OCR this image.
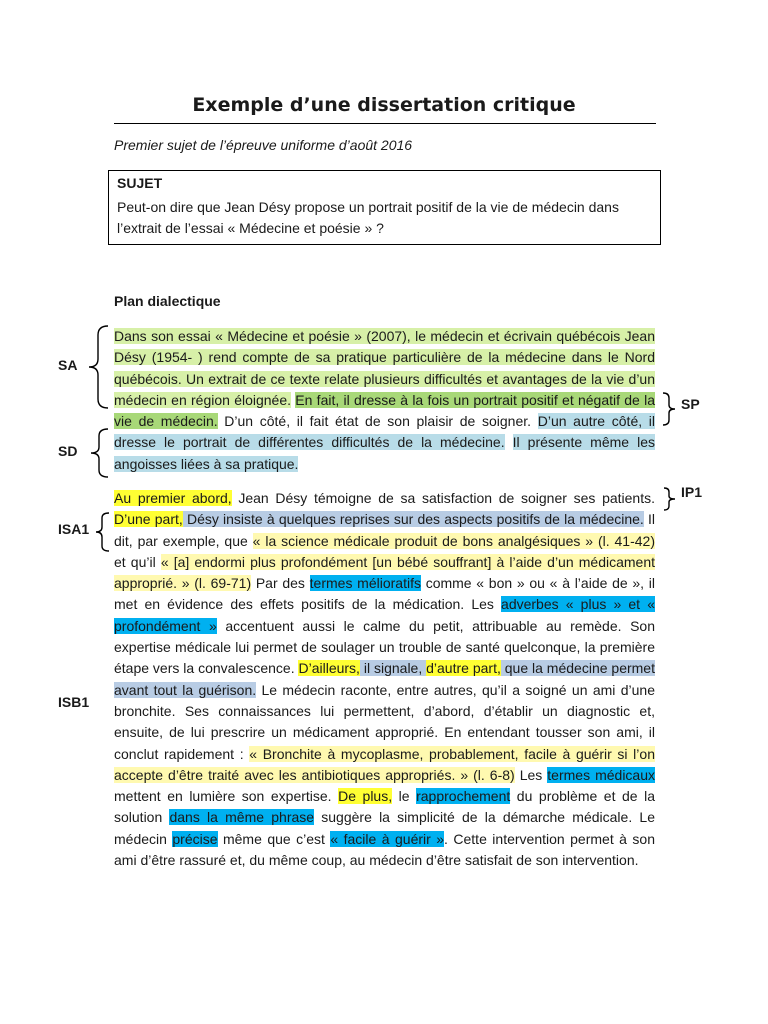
Exemple d’une dissertation critique
Premier sujet de l’épreuve uniforme d’août 2016
SUJET
Peut-on dire que Jean Désy propose un portrait positif de la vie de médecin dans l’extrait de l’essai « Médecine et poésie » ?
Plan dialectique
Dans son essai « Médecine et poésie » (2007), le médecin et écrivain québécois Jean Désy (1954- ) rend compte de sa pratique particulière de la médecine dans le Nord québécois. Un extrait de ce texte relate plusieurs difficultés et avantages de la vie d’un médecin en région éloignée. En fait, il dresse à la fois un portrait positif et négatif de la vie de médecin. D’un côté, il fait état de son plaisir de soigner. D’un autre côté, il dresse le portrait de différentes difficultés de la médecine. Il présente même les angoisses liées à sa pratique.
Au premier abord, Jean Désy témoigne de sa satisfaction de soigner ses patients. D’une part, Désy insiste à quelques reprises sur des aspects positifs de la médecine. Il dit, par exemple, que « la science médicale produit de bons analgésiques » (l. 41-42) et qu’il « [a] endormi plus profondément [un bébé souffrant] à l’aide d’un médicament approprié. » (l. 69-71) Par des termes mélioratifs comme « bon » ou « à l’aide de », il met en évidence des effets positifs de la médication. Les adverbes « plus » et « profondément » accentuent aussi le calme du petit, attribuable au remède. Son expertise médicale lui permet de soulager un trouble de santé quelconque, la première étape vers la convalescence. D’ailleurs, il signale, d’autre part, que la médecine permet avant tout la guérison. Le médecin raconte, entre autres, qu’il a soigné un ami d’une bronchite. Ses connaissances lui permettent, d’abord, d’établir un diagnostic et, ensuite, de lui prescrire un médicament approprié. En entendant tousser son ami, il conclut rapidement : « Bronchite à mycoplasme, probablement, facile à guérir si l’on accepte d’être traité avec les antibiotiques appropriés. » (l. 6-8) Les termes médicaux mettent en lumière son expertise. De plus, le rapprochement du problème et de la solution dans la même phrase suggère la simplicité de la démarche médicale. Le médecin précise même que c’est « facile à guérir ». Cette intervention permet à son ami d’être rassuré et, du même coup, au médecin d’être satisfait de son intervention.
SA
SP
SD
IP1
ISA1
ISB1
